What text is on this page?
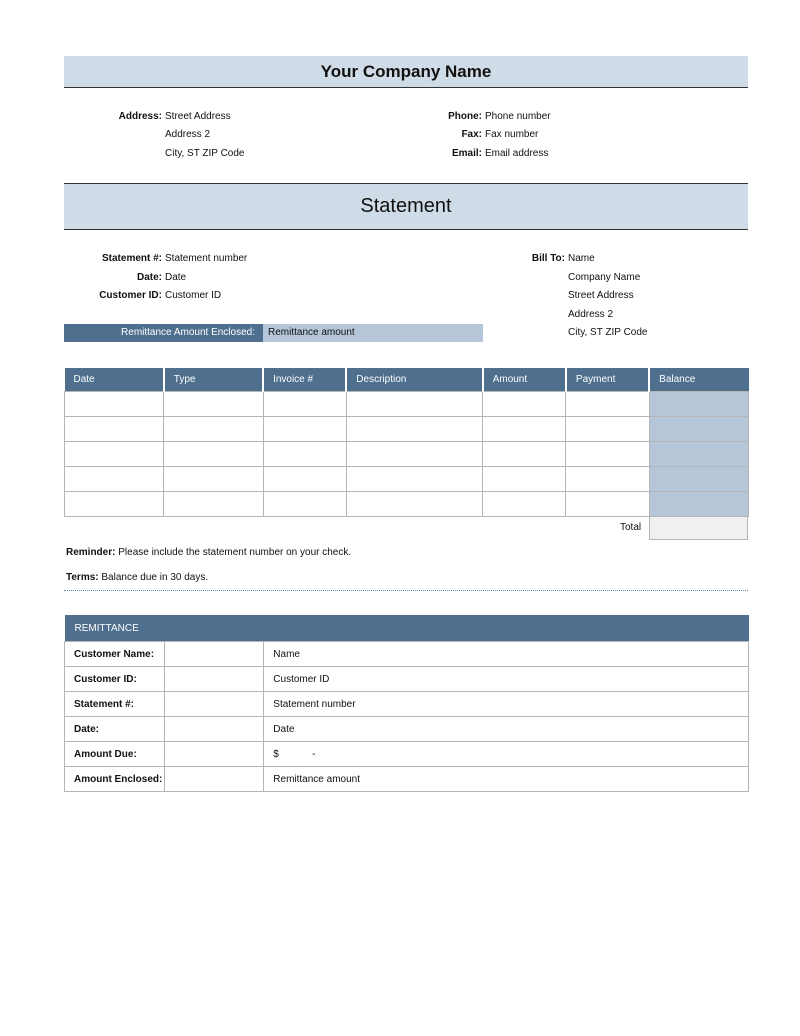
Your Company Name
Address: Street Address
Address 2
City, ST ZIP Code
Phone: Phone number
Fax: Fax number
Email: Email address
Statement
Statement #: Statement number
Date: Date
Customer ID: Customer ID
Bill To: Name
Company Name
Street Address
Address 2
City, ST ZIP Code
Remittance Amount Enclosed:	Remittance amount
Date	Type	Invoice #	Description	Amount	Payment	Balance

Total
Reminder: Please include the statement number on your check.
Terms: Balance due in 30 days.
REMITTANCE		
Customer Name:		Name
Customer ID:		Customer ID
Statement #:		Statement number
Date:		Date
Amount Due:		$            -
Amount Enclosed:		Remittance amount
